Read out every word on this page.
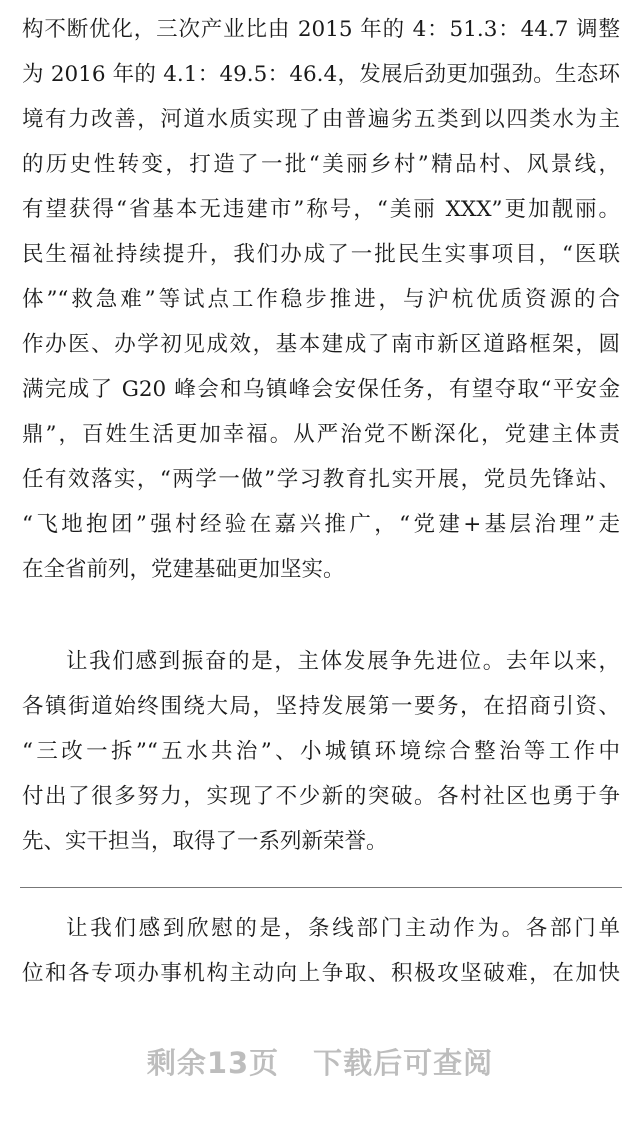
构不断优化，三次产业比由 2015 年的 4：51.3：44.7 调整
为 2016 年的 4.1：49.5：46.4，发展后劲更加强劲。生态环
境有力改善，河道水质实现了由普遍劣五类到以四类水为主
的历史性转变，打造了一批“美丽乡村”精品村、风景线，
有望获得“省基本无违建市”称号，“美丽 XXX”更加靓丽。
民生福祉持续提升，我们办成了一批民生实事项目，“医联
体”“救急难”等试点工作稳步推进，与沪杭优质资源的合
作办医、办学初见成效，基本建成了南市新区道路框架，圆
满完成了 G20 峰会和乌镇峰会安保任务，有望夺取“平安金
鼎”，百姓生活更加幸福。从严治党不断深化，党建主体责
任有效落实，“两学一做”学习教育扎实开展，党员先锋站、
“飞地抱团”强村经验在嘉兴推广，“党建+基层治理”走
在全省前列，党建基础更加坚实。
让我们感到振奋的是，主体发展争先进位。去年以来，
各镇街道始终围绕大局，坚持发展第一要务，在招商引资、
“三改一拆”“五水共治”、小城镇环境综合整治等工作中
付出了很多努力，实现了不少新的突破。各村社区也勇于争
先、实干担当，取得了一系列新荣誉。
让我们感到欣慰的是，条线部门主动作为。各部门单
位和各专项办事机构主动向上争取、积极攻坚破难，在加快
剩余13页 下载后可查阅
